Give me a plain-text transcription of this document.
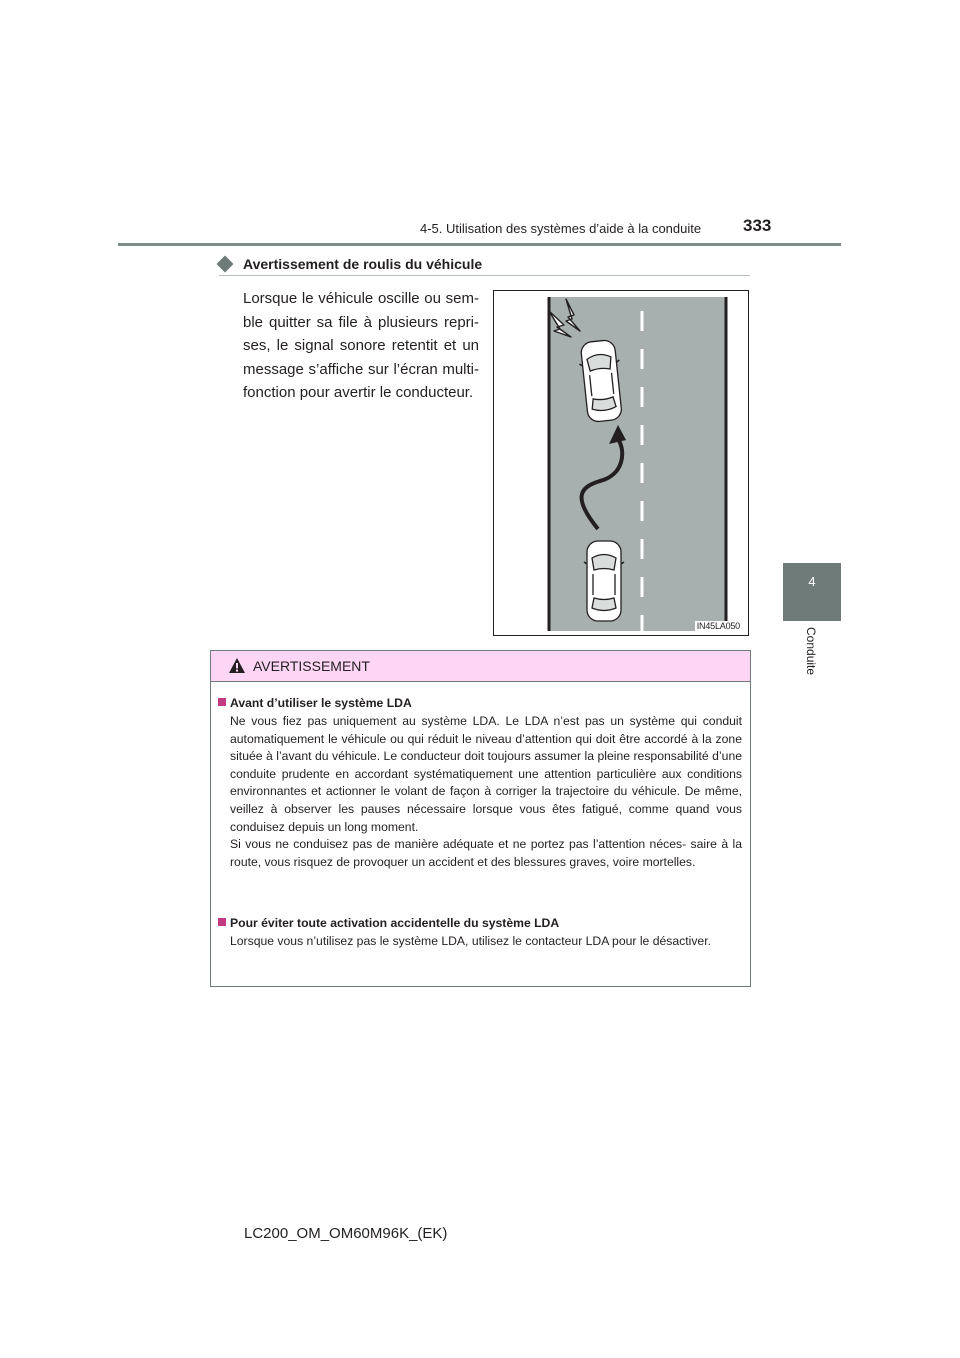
4-5. Utilisation des systèmes d’aide à la conduite 333
4
Conduite
Avertissement de roulis du véhicule
Lorsque le véhicule oscille ou sem- ble quitter sa file à plusieurs repri- ses, le signal sonore retentit et un message s’affiche sur l’écran multi- fonction pour avertir le conducteur.
IN45LA050
AVERTISSEMENT
Avant d’utiliser le système LDA
Ne vous fiez pas uniquement au système LDA. Le LDA n’est pas un système qui conduit automatiquement le véhicule ou qui réduit le niveau d’attention qui doit être accordé à la zone située à l’avant du véhicule. Le conducteur doit toujours assumer la pleine responsabilité d’une conduite prudente en accordant systématiquement une attention particulière aux conditions environnantes et actionner le volant de façon à corriger la trajectoire du véhicule. De même, veillez à observer les pauses nécessaire lorsque vous êtes fatigué, comme quand vous conduisez depuis un long moment.
Si vous ne conduisez pas de manière adéquate et ne portez pas l’attention néces- saire à la route, vous risquez de provoquer un accident et des blessures graves, voire mortelles.
Pour éviter toute activation accidentelle du système LDA
Lorsque vous n’utilisez pas le système LDA, utilisez le contacteur LDA pour le désactiver.
LC200_OM_OM60M96K_(EK)
